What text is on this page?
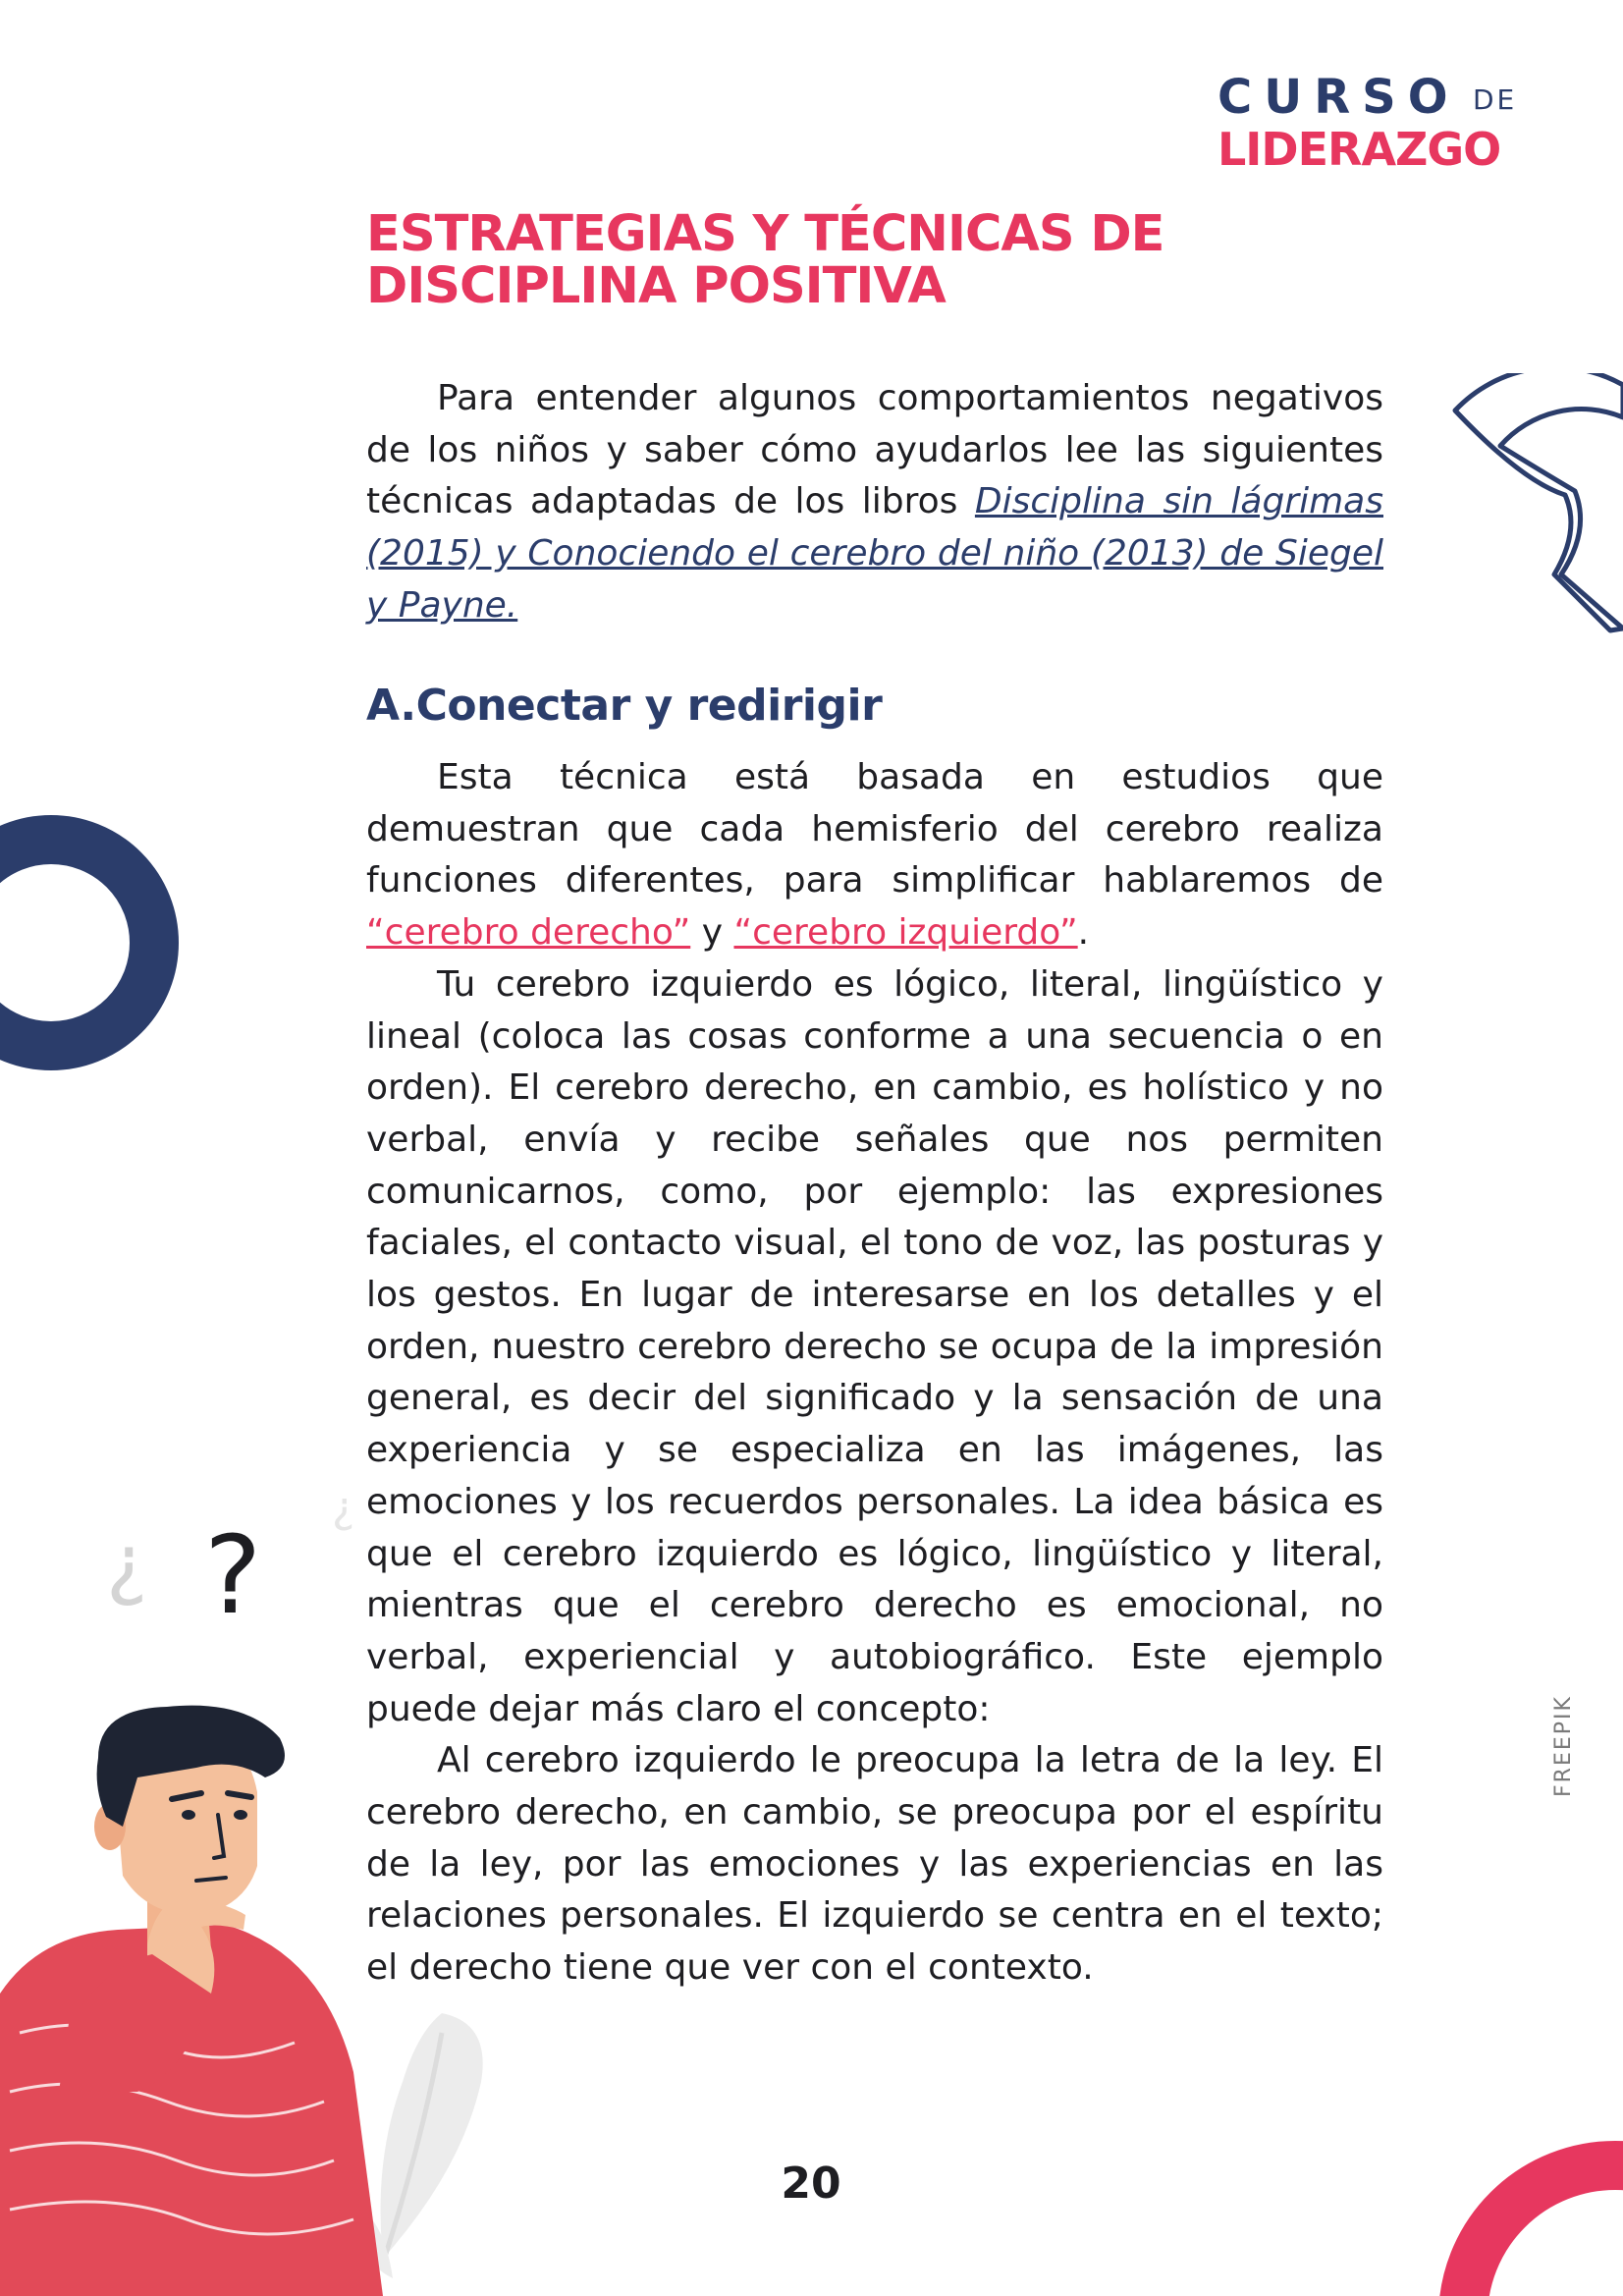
¿ ?
¿
CURSO DE
LIDERAZGO
ESTRATEGIAS Y TÉCNICAS DE DISCIPLINA POSITIVA

Para entender algunos comportamientos negativos de los niños y saber cómo ayudarlos lee las siguientes técnicas adaptadas de los libros Disciplina sin lágrimas (2015) y Conociendo el cerebro del niño (2013) de Siegel y Payne.

A.Conectar y redirigir

Esta técnica está basada en estudios que demuestran que cada hemisferio del cerebro realiza funciones diferentes, para simplificar hablaremos de “cerebro derecho” y “cerebro izquierdo”.

Tu cerebro izquierdo es lógico, literal, lingüístico y lineal (coloca las cosas conforme a una secuencia o en orden). El cerebro derecho, en cambio, es holístico y no verbal, envía y recibe señales que nos permiten comunicarnos, como, por ejemplo: las expresiones faciales, el contacto visual, el tono de voz, las posturas y los gestos. En lugar de interesarse en los detalles y el orden, nuestro cerebro derecho se ocupa de la impresión general, es decir del significado y la sensación de una experiencia y se especializa en las imágenes, las emociones y los recuerdos personales. La idea básica es que el cerebro izquierdo es lógico, lingüístico y literal, mientras que el cerebro derecho es emocional, no verbal, experiencial y autobiográfico. Este ejemplo puede dejar más claro el concepto:

Al cerebro izquierdo le preocupa la letra de la ley. El cerebro derecho, en cambio, se preocupa por el espíritu de la ley, por las emociones y las experiencias en las relaciones personales. El izquierdo se centra en el texto; el derecho tiene que ver con el contexto.

FREEPIK
20
